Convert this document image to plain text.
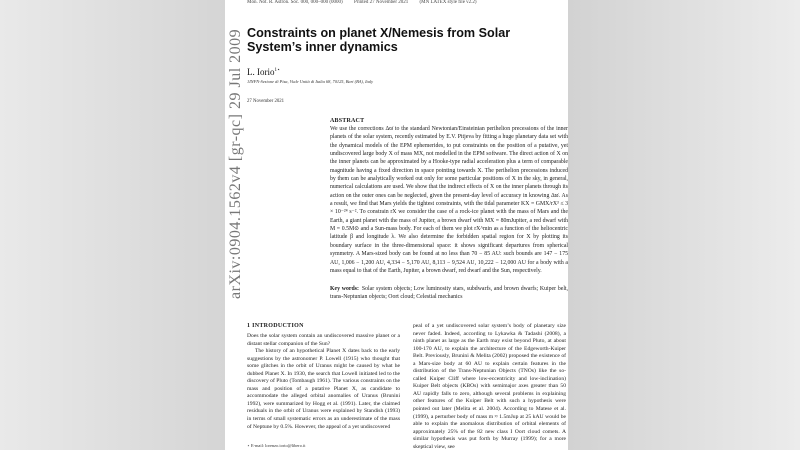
Mon. Not. R. Astron. Soc. 000, 000–000 (0000) Printed 27 November 2021 (MN LATEX style file v2.2)
arXiv:0904.1562v4 [gr-qc] 29 Jul 2009 Constraints on planet X/Nemesis from Solar System’s inner dynamics
L. Iorio$^{1⋆}$
1INFN-Sezione di Pisa, Viale Unità di Italia 68, 70125, Bari (BA), Italy
27 November 2021
ABSTRACT
We use the corrections Δϖ̇ to the standard Newtonian/Einsteinian perihelion precessions of the inner planets of the solar system, recently estimated by E.V. Pitjeva by fitting a huge planetary data set with the dynamical models of the EPM ephemerides, to put constraints on the position of a putative, yet undiscovered large body X of mass MX, not modelled in the EPM software. The direct action of X on the inner planets can be approximated by a Hooke-type radial acceleration plus a term of comparable magnitude having a fixed direction in space pointing towards X. The perihelion precessions induced by them can be analytically worked out only for some particular positions of X in the sky, in general, numerical calculations are used. We show that the indirect effects of X on the inner planets through its action on the outer ones can be neglected, given the present-day level of accuracy in knowing Δϖ̇. As a result, we find that Mars yields the tightest constraints, with the tidal parameter KX = GMX/rX³ ≤ 3 × 10⁻²⁴ s⁻². To constrain rX we consider the case of a rock-ice planet with the mass of Mars and the Earth, a giant planet with the mass of Jupiter, a brown dwarf with MX = 80mJupiter, a red dwarf with M = 0.5M⊙ and a Sun-mass body. For each of them we plot rX^min as a function of the heliocentric latitude β and longitude λ. We also determine the forbidden spatial region for X by plotting its boundary surface in the three-dimensional space: it shows significant departures from spherical symmetry. A Mars-sized body can be found at no less than 70 − 85 AU: such bounds are 147 − 175 AU, 1,006 − 1,200 AU, 4,334 − 5,170 AU, 8,113 − 9,524 AU, 10,222 − 12,000 AU for a body with a mass equal to that of the Earth, Jupiter, a brown dwarf, red dwarf and the Sun, respectively.
Key words: Solar system objects; Low luminosity stars, subdwarfs, and brown dwarfs; Kuiper belt, trans-Neptunian objects; Oort cloud; Celestial mechanics
1 INTRODUCTION

Does the solar system contain an undiscovered massive planet or a distant stellar companion of the Sun?

The history of an hypothetical Planet X dates back to the early suggestions by the astronomer P. Lowell (1915) who thought that some glitches in the orbit of Uranus might be caused by what he dubbed Planet X. In 1930, the search that Lowell initiated led to the discovery of Pluto (Tombaugh 1961). The various constraints on the mass and position of a putative Planet X, as candidate to accommodate the alleged orbital anomalies of Uranus (Brunini 1992), were summarized by Hogg et al. (1991). Later, the claimed residuals in the orbit of Uranus were explained by Standish (1993) in terms of small systematic errors as an underestimate of the mass of Neptune by 0.5%. However, the appeal of a yet undiscovered

peal of a yet undiscovered solar system’s body of planetary size never faded. Indeed, according to Lykawka & Tadashi (2008), a ninth planet as large as the Earth may exist beyond Pluto, at about 100-170 AU, to explain the architecture of the Edgeworth-Kuiper Belt. Previously, Brunini & Melita (2002) proposed the existence of a Mars-size body at 60 AU to explain certain features in the distribution of the Trans-Neptunian Objects (TNOs) like the so-called Kuiper Cliff where low-eccentricity and low-inclination) Kuiper Belt objects (KBOs) with semimajor axes greater than 50 AU rapidly falls to zero, although several problems in explaining other features of the Kuiper Belt with such a hypothesis were pointed out later (Melita et al. 2004). According to Matese et al. (1999), a perturber body of mass m ≈ 1.5mJup at 25 kAU would be able to explain the anomalous distribution of orbital elements of approximately 25% of the 82 new class I Oort cloud comets. A similar hypothesis was put forth by Murray (1999); for a more skeptical view, see

⋆ E-mail: lorenzo.iorio@libero.it
